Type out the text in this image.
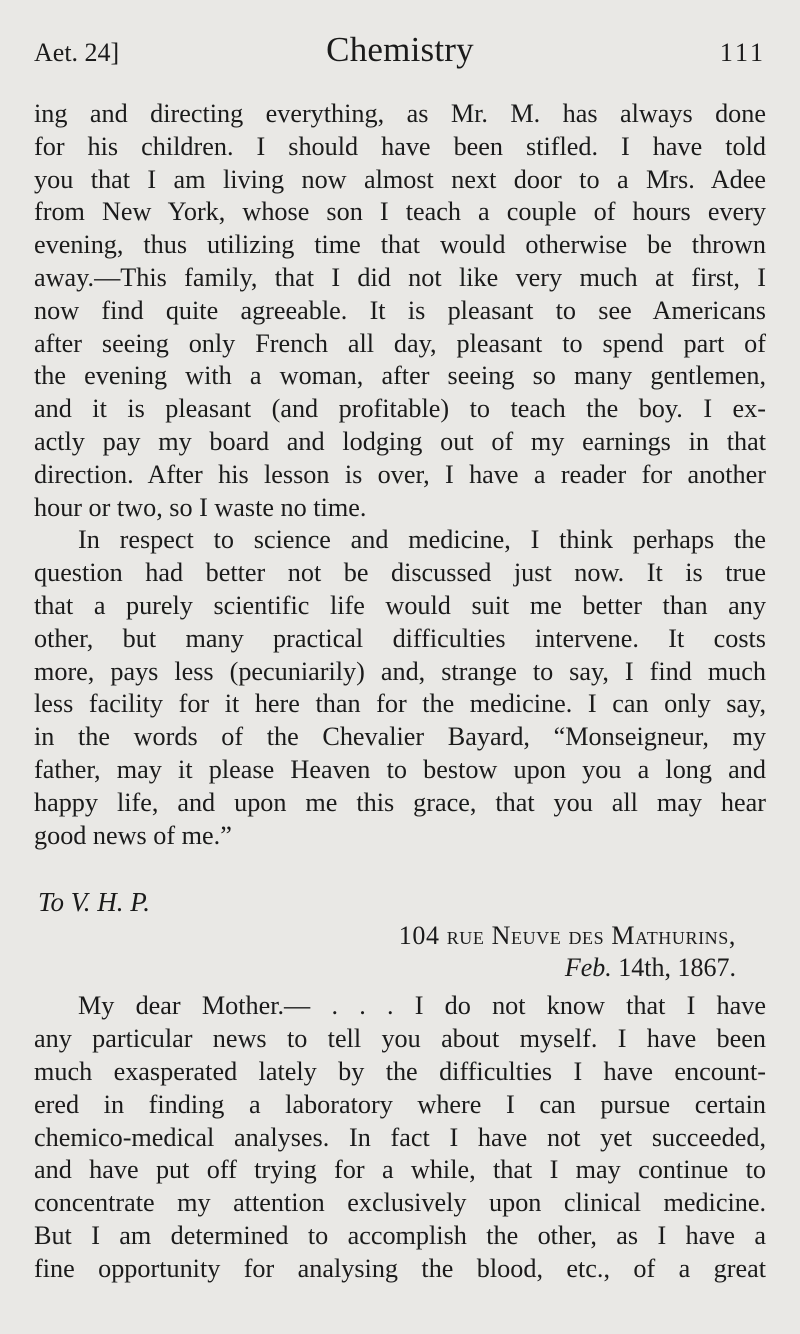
Aet. 24]	Chemistry	111
ing and directing everything, as Mr. M. has always done
for his children. I should have been stifled. I have told
you that I am living now almost next door to a Mrs. Adee
from New York, whose son I teach a couple of hours every
evening, thus utilizing time that would otherwise be thrown
away.—This family, that I did not like very much at first, I
now find quite agreeable. It is pleasant to see Americans
after seeing only French all day, pleasant to spend part of
the evening with a woman, after seeing so many gentlemen,
and it is pleasant (and profitable) to teach the boy. I ex-
actly pay my board and lodging out of my earnings in that
direction. After his lesson is over, I have a reader for another
hour or two, so I waste no time.
In respect to science and medicine, I think perhaps the
question had better not be discussed just now. It is true
that a purely scientific life would suit me better than any
other, but many practical difficulties intervene. It costs
more, pays less (pecuniarily) and, strange to say, I find much
less facility for it here than for the medicine. I can only say,
in the words of the Chevalier Bayard, “Monseigneur, my
father, may it please Heaven to bestow upon you a long and
happy life, and upon me this grace, that you all may hear
good news of me.”
To V. H. P.
104 rue Neuve des Mathurins,
Feb. 14th, 1867.
My dear Mother.— . . . I do not know that I have
any particular news to tell you about myself. I have been
much exasperated lately by the difficulties I have encount-
ered in finding a laboratory where I can pursue certain
chemico-medical analyses. In fact I have not yet succeeded,
and have put off trying for a while, that I may continue to
concentrate my attention exclusively upon clinical medicine.
But I am determined to accomplish the other, as I have a
fine opportunity for analysing the blood, etc., of a great
